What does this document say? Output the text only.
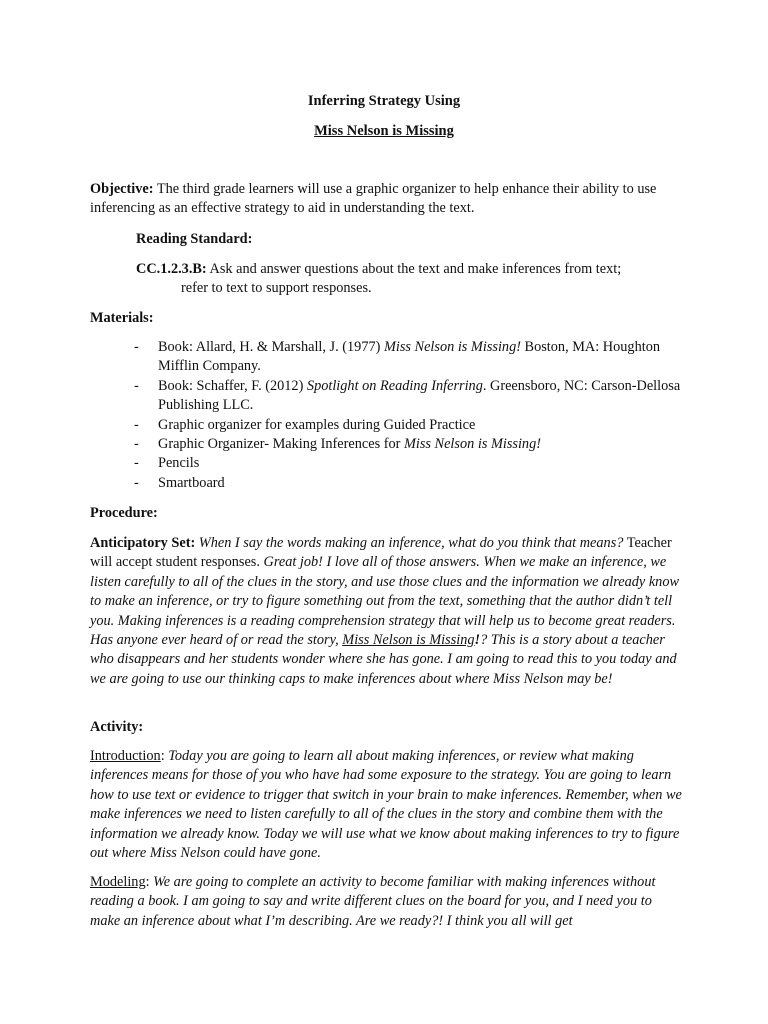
Inferring Strategy Using
Miss Nelson is Missing

Objective: The third grade learners will use a graphic organizer to help enhance their ability to use inferencing as an effective strategy to aid in understanding the text.

Reading Standard:

CC.1.2.3.B: Ask and answer questions about the text and make inferences from text;
refer to text to support responses.

Materials:

- Book: Allard, H. & Marshall, J. (1977) Miss Nelson is Missing! Boston, MA: Houghton Mifflin Company.
- Book: Schaffer, F. (2012) Spotlight on Reading Inferring. Greensboro, NC: Carson-Dellosa Publishing LLC.
- Graphic organizer for examples during Guided Practice
- Graphic Organizer- Making Inferences for Miss Nelson is Missing!
- Pencils
- Smartboard

Procedure:

Anticipatory Set: When I say the words making an inference, what do you think that means? Teacher will accept student responses. Great job! I love all of those answers. When we make an inference, we listen carefully to all of the clues in the story, and use those clues and the information we already know to make an inference, or try to figure something out from the text, something that the author didn’t tell you. Making inferences is a reading comprehension strategy that will help us to become great readers. Has anyone ever heard of or read the story, Miss Nelson is Missing!? This is a story about a teacher who disappears and her students wonder where she has gone. I am going to read this to you today and we are going to use our thinking caps to make inferences about where Miss Nelson may be!

Activity:

Introduction: Today you are going to learn all about making inferences, or review what making inferences means for those of you who have had some exposure to the strategy. You are going to learn how to use text or evidence to trigger that switch in your brain to make inferences. Remember, when we make inferences we need to listen carefully to all of the clues in the story and combine them with the information we already know. Today we will use what we know about making inferences to try to figure out where Miss Nelson could have gone.

Modeling: We are going to complete an activity to become familiar with making inferences without reading a book. I am going to say and write different clues on the board for you, and I need you to make an inference about what I’m describing. Are we ready?! I think you all will get
